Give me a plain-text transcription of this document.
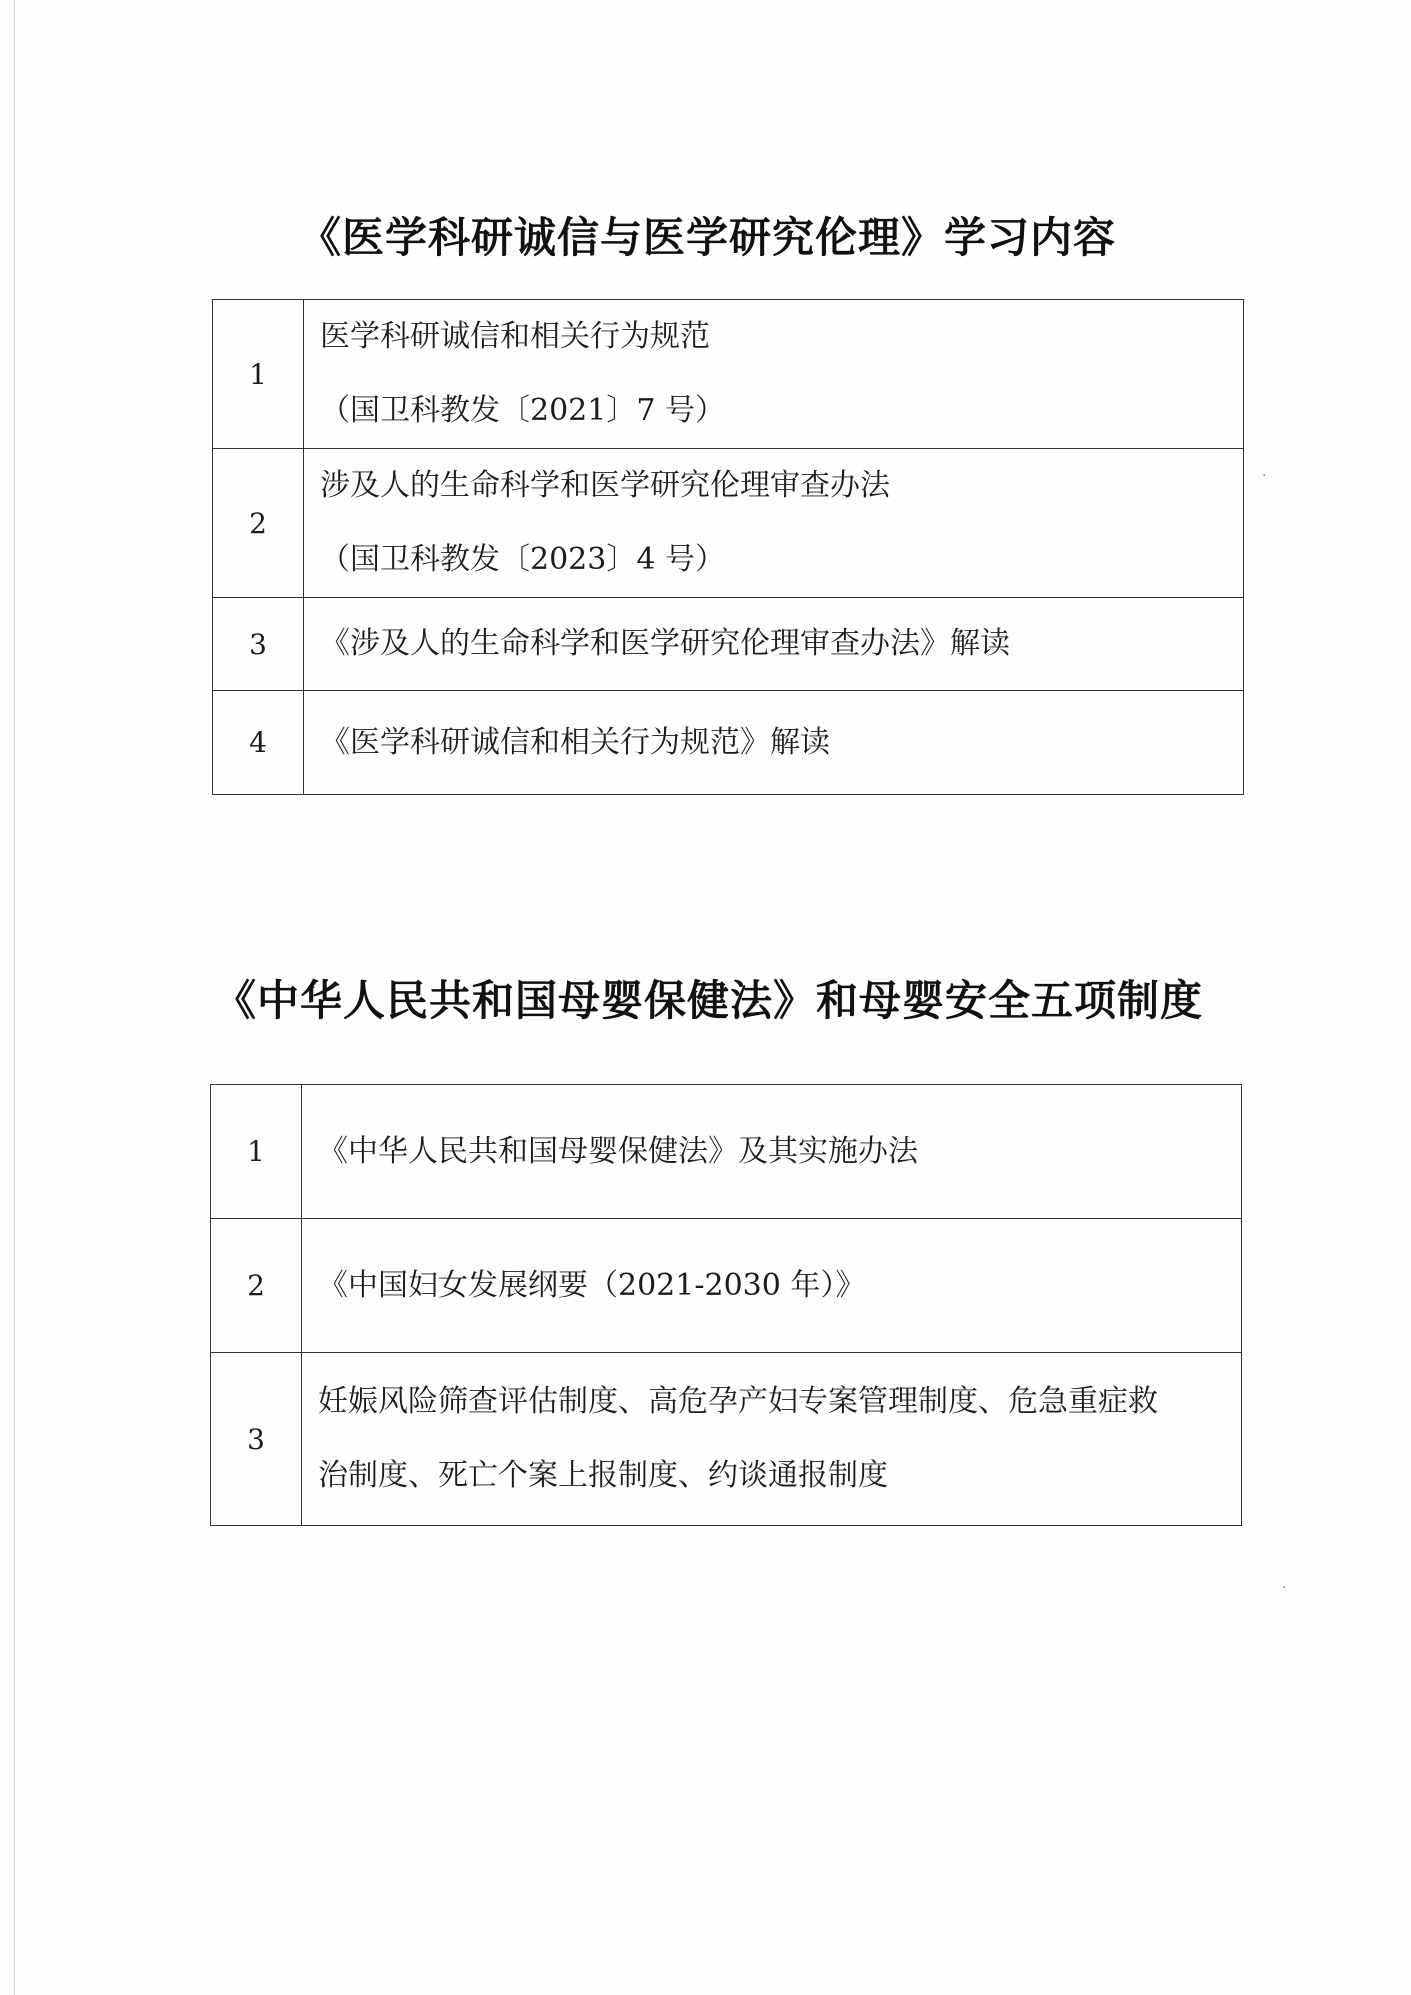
《医学科研诚信与医学研究伦理》学习内容
1	医学科研诚信和相关行为规范
（国卫科教发〔2021〕7 号）

2	涉及人的生命科学和医学研究伦理审查办法
（国卫科教发〔2023〕4 号）

3	《涉及人的生命科学和医学研究伦理审查办法》解读

4	《医学科研诚信和相关行为规范》解读
《中华人民共和国母婴保健法》和母婴安全五项制度
1	《中华人民共和国母婴保健法》及其实施办法

2	《中国妇女发展纲要（2021-2030 年）》

3	妊娠风险筛查评估制度、高危孕产妇专案管理制度、危急重症救
治制度、死亡个案上报制度、约谈通报制度
·
·
